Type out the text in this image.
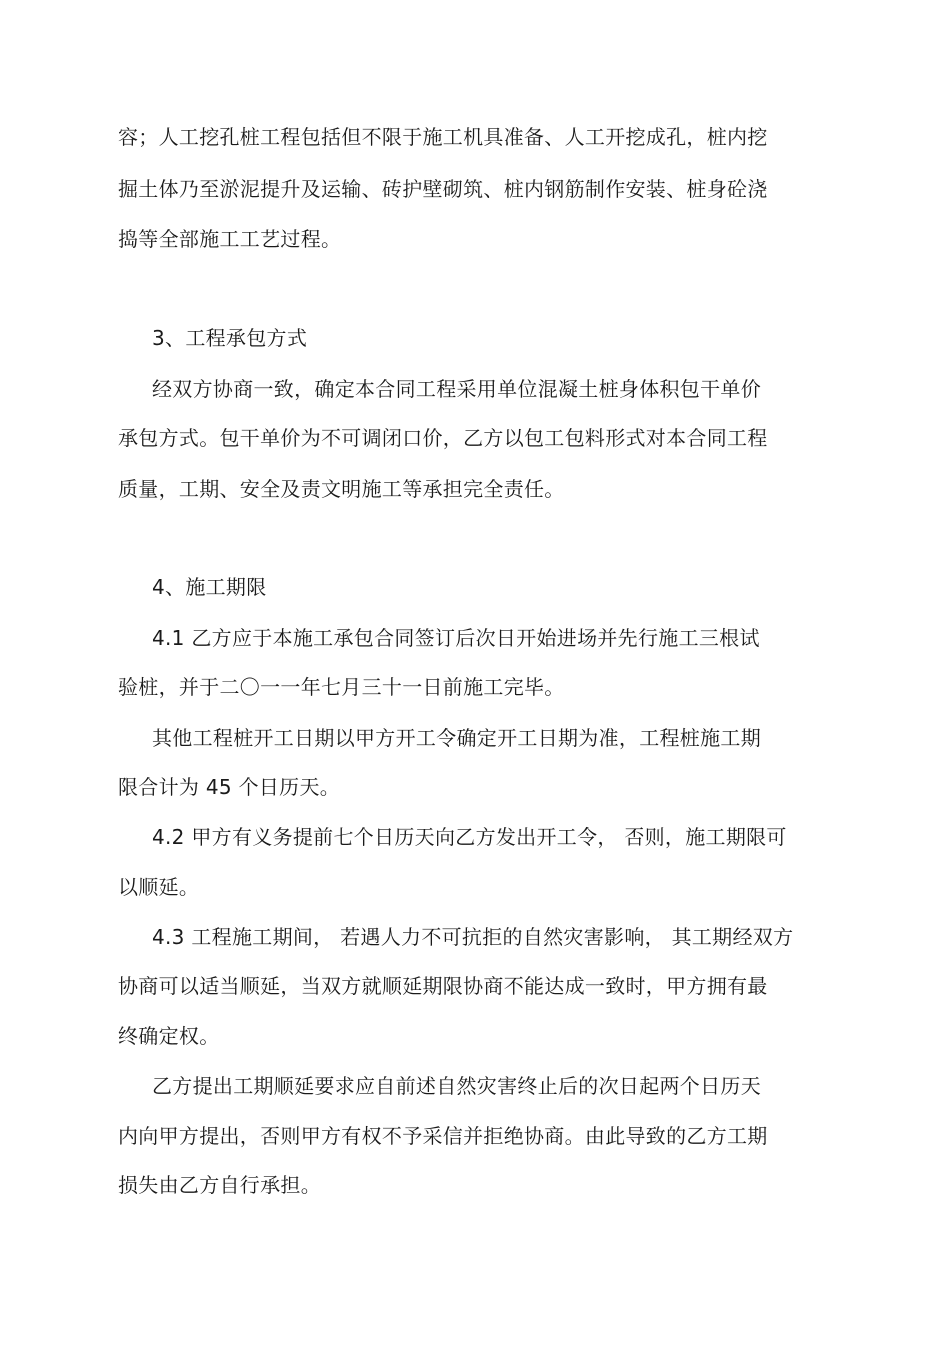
容；人工挖孔桩工程包括但不限于施工机具准备、人工开挖成孔，桩内挖
掘土体乃至淤泥提升及运输、砖护壁砌筑、桩内钢筋制作安装、桩身砼浇
捣等全部施工工艺过程。
3、工程承包方式
经双方协商一致，确定本合同工程采用单位混凝土桩身体积包干单价
承包方式。包干单价为不可调闭口价，乙方以包工包料形式对本合同工程
质量，工期、安全及责文明施工等承担完全责任。
4、施工期限
4.1 乙方应于本施工承包合同签订后次日开始进场并先行施工三根试
验桩，并于二〇一一年七月三十一日前施工完毕。
其他工程桩开工日期以甲方开工令确定开工日期为准，工程桩施工期
限合计为 45 个日历天。
4.2 甲方有义务提前七个日历天向乙方发出开工令， 否则，施工期限可
以顺延。
4.3 工程施工期间， 若遇人力不可抗拒的自然灾害影响， 其工期经双方
协商可以适当顺延，当双方就顺延期限协商不能达成一致时，甲方拥有最
终确定权。
乙方提出工期顺延要求应自前述自然灾害终止后的次日起两个日历天
内向甲方提出，否则甲方有权不予采信并拒绝协商。由此导致的乙方工期
损失由乙方自行承担。
